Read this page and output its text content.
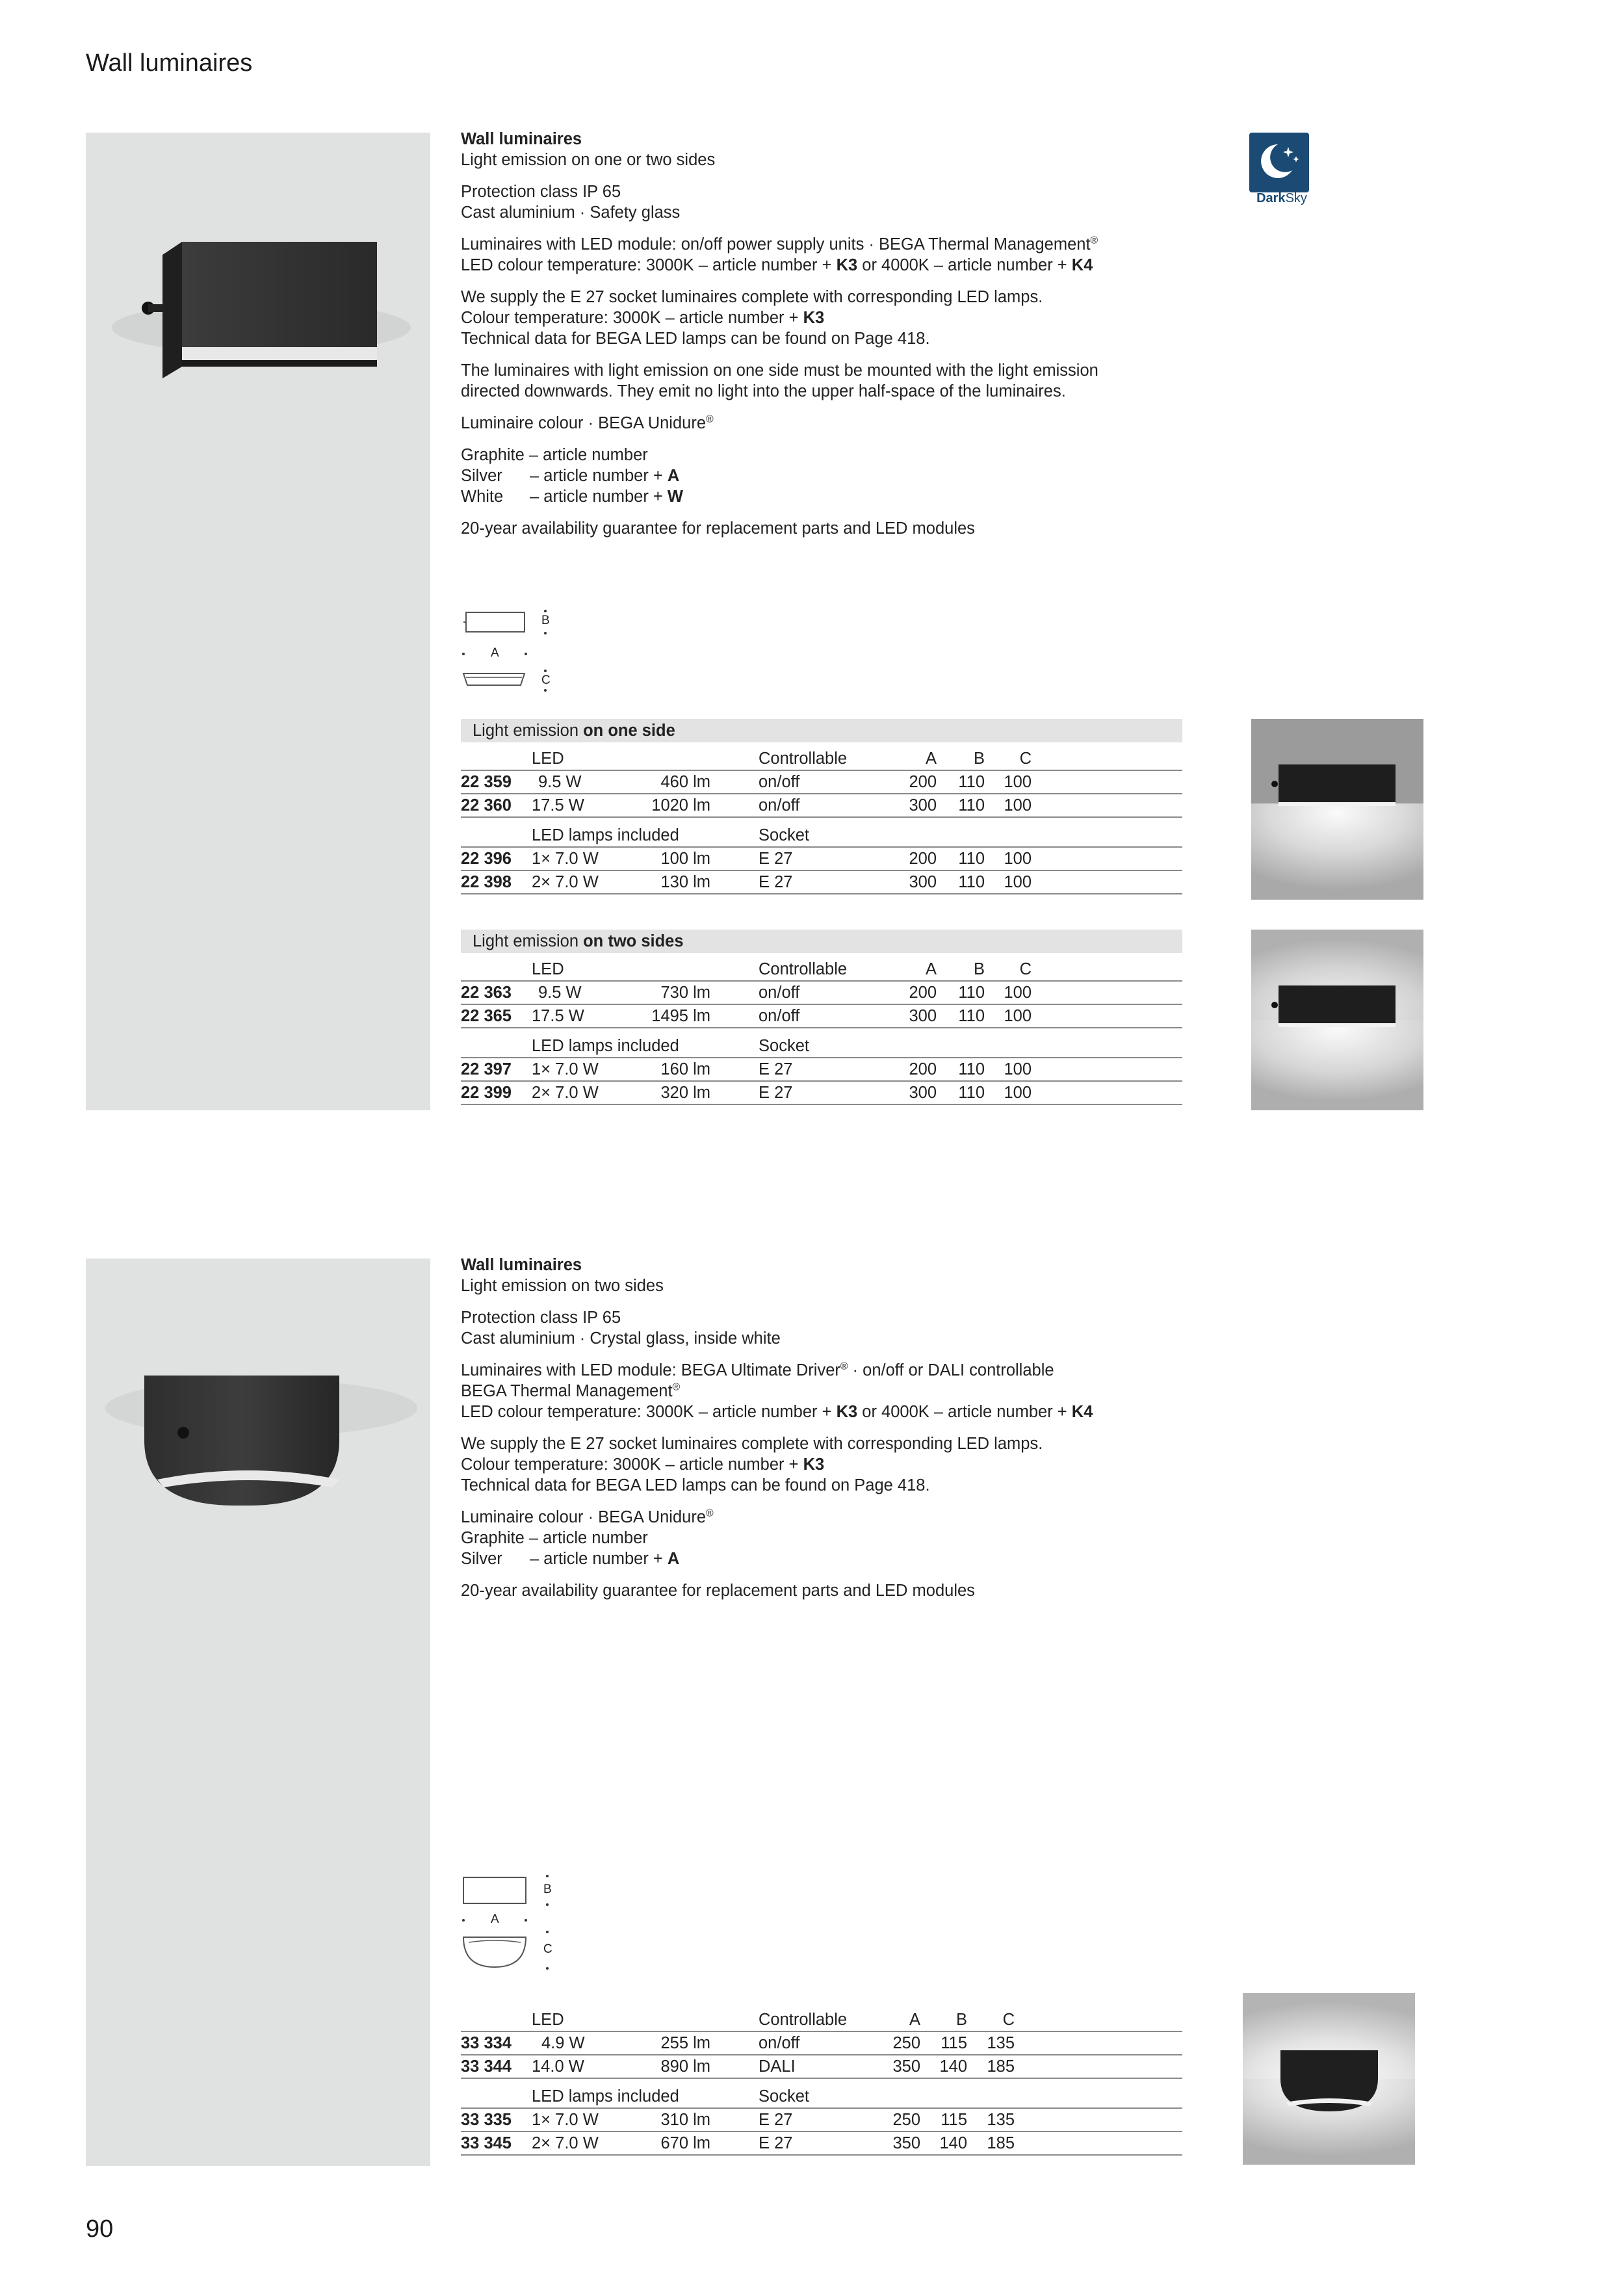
Wall luminaires

Wall luminaires
Light emission on one or two sides

Protection class IP 65
Cast aluminium · Safety glass

Luminaires with LED module: on/off power supply units · BEGA Thermal Management®
LED colour temperature: 3000K – article number + K3 or 4000K – article number + K4

We supply the E 27 socket luminaires complete with corresponding LED lamps.
Colour temperature: 3000K – article number + K3
Technical data for BEGA LED lamps can be found on Page 418.

The luminaires with light emission on one side must be mounted with the light emission
directed downwards. They emit no light into the upper half-space of the luminaires.

Luminaire colour · BEGA Unidure®

Graphite – article number
Silver – article number + A
White – article number + W

20-year availability guarantee for replacement parts and LED modules

DarkSky
B
A
C
Light emission on one side
LED	Controllable	A	B	C
22 359 9.5 W	460 lm	on/off	200	110	100
22 360 17.5 W	1020 lm	on/off	300	110	100
LED lamps included	Socket
22 396 1× 7.0 W	100 lm	E 27	200	110	100
22 398 2× 7.0 W	130 lm	E 27	300	110	100
Light emission on two sides
LED	Controllable	A	B	C
22 363 9.5 W	730 lm	on/off	200	110	100
22 365 17.5 W	1495 lm	on/off	300	110	100
LED lamps included	Socket
22 397 1× 7.0 W	160 lm	E 27	200	110	100
22 399 2× 7.0 W	320 lm	E 27	300	110	100

Wall luminaires
Light emission on two sides

Protection class IP 65
Cast aluminium · Crystal glass, inside white

Luminaires with LED module: BEGA Ultimate Driver® · on/off or DALI controllable
BEGA Thermal Management®
LED colour temperature: 3000K – article number + K3 or 4000K – article number + K4

We supply the E 27 socket luminaires complete with corresponding LED lamps.
Colour temperature: 3000K – article number + K3
Technical data for BEGA LED lamps can be found on Page 418.

Luminaire colour · BEGA Unidure®
Graphite – article number
Silver – article number + A

20-year availability guarantee for replacement parts and LED modules

B
A
C
LED	Controllable	A	B	C
33 334 4.9 W	255 lm	on/off	250	115	135
33 344 14.0 W	890 lm	DALI	350	140	185
LED lamps included	Socket
33 335 1× 7.0 W	310 lm	E 27	250	115	135
33 345 2× 7.0 W	670 lm	E 27	350	140	185
90
